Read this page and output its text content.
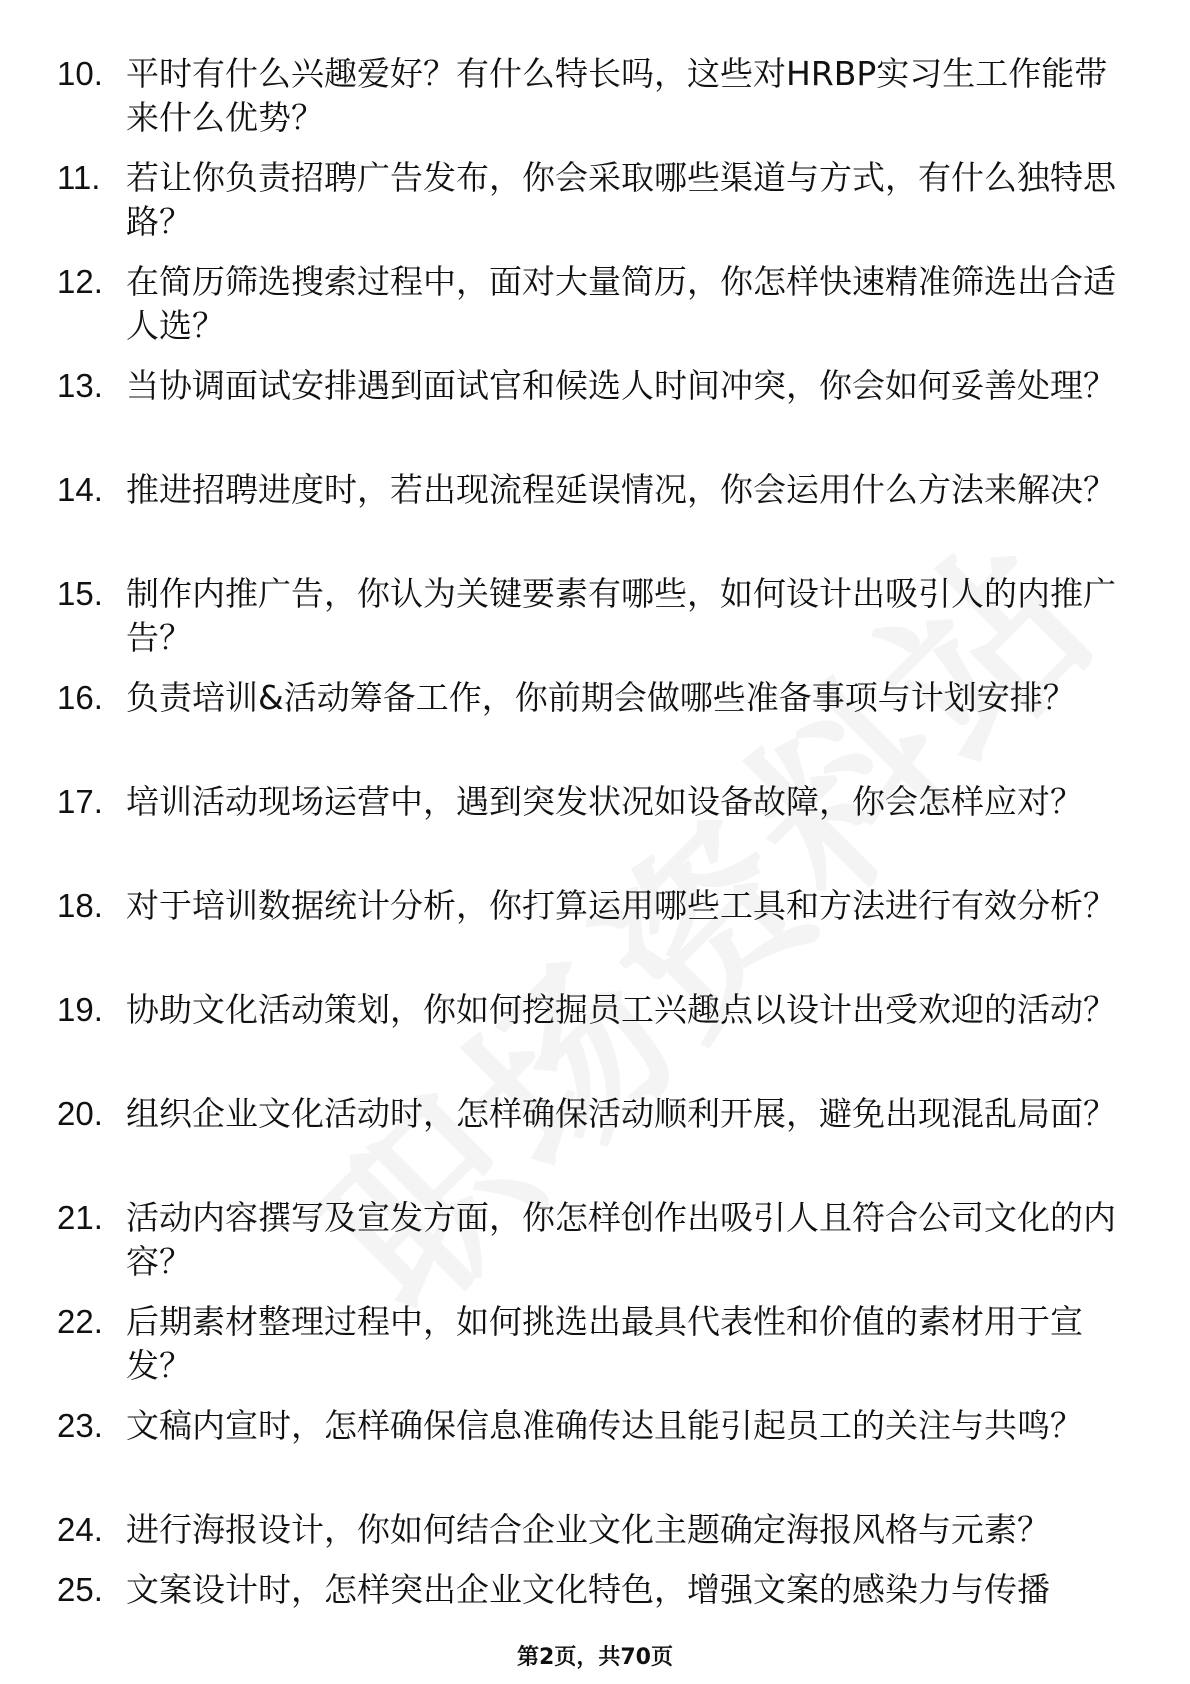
10. 平时有什么兴趣爱好？有什么特长吗，这些对HRBP实习生工作能带来什么优势？
11. 若让你负责招聘广告发布，你会采取哪些渠道与方式，有什么独特思路？
12. 在简历筛选搜索过程中，面对大量简历，你怎样快速精准筛选出合适人选？
13. 当协调面试安排遇到面试官和候选人时间冲突，你会如何妥善处理？
14. 推进招聘进度时，若出现流程延误情况，你会运用什么方法来解决？
15. 制作内推广告，你认为关键要素有哪些，如何设计出吸引人的内推广告？
16. 负责培训&活动筹备工作，你前期会做哪些准备事项与计划安排？
17. 培训活动现场运营中，遇到突发状况如设备故障，你会怎样应对？
18. 对于培训数据统计分析，你打算运用哪些工具和方法进行有效分析？
19. 协助文化活动策划，你如何挖掘员工兴趣点以设计出受欢迎的活动？
20. 组织企业文化活动时，怎样确保活动顺利开展，避免出现混乱局面？
21. 活动内容撰写及宣发方面，你怎样创作出吸引人且符合公司文化的内容？
22. 后期素材整理过程中，如何挑选出最具代表性和价值的素材用于宣发？
23. 文稿内宣时，怎样确保信息准确传达且能引起员工的关注与共鸣？
24. 进行海报设计，你如何结合企业文化主题确定海报风格与元素？
25. 文案设计时，怎样突出企业文化特色，增强文案的感染力与传播
第2页，共70页
